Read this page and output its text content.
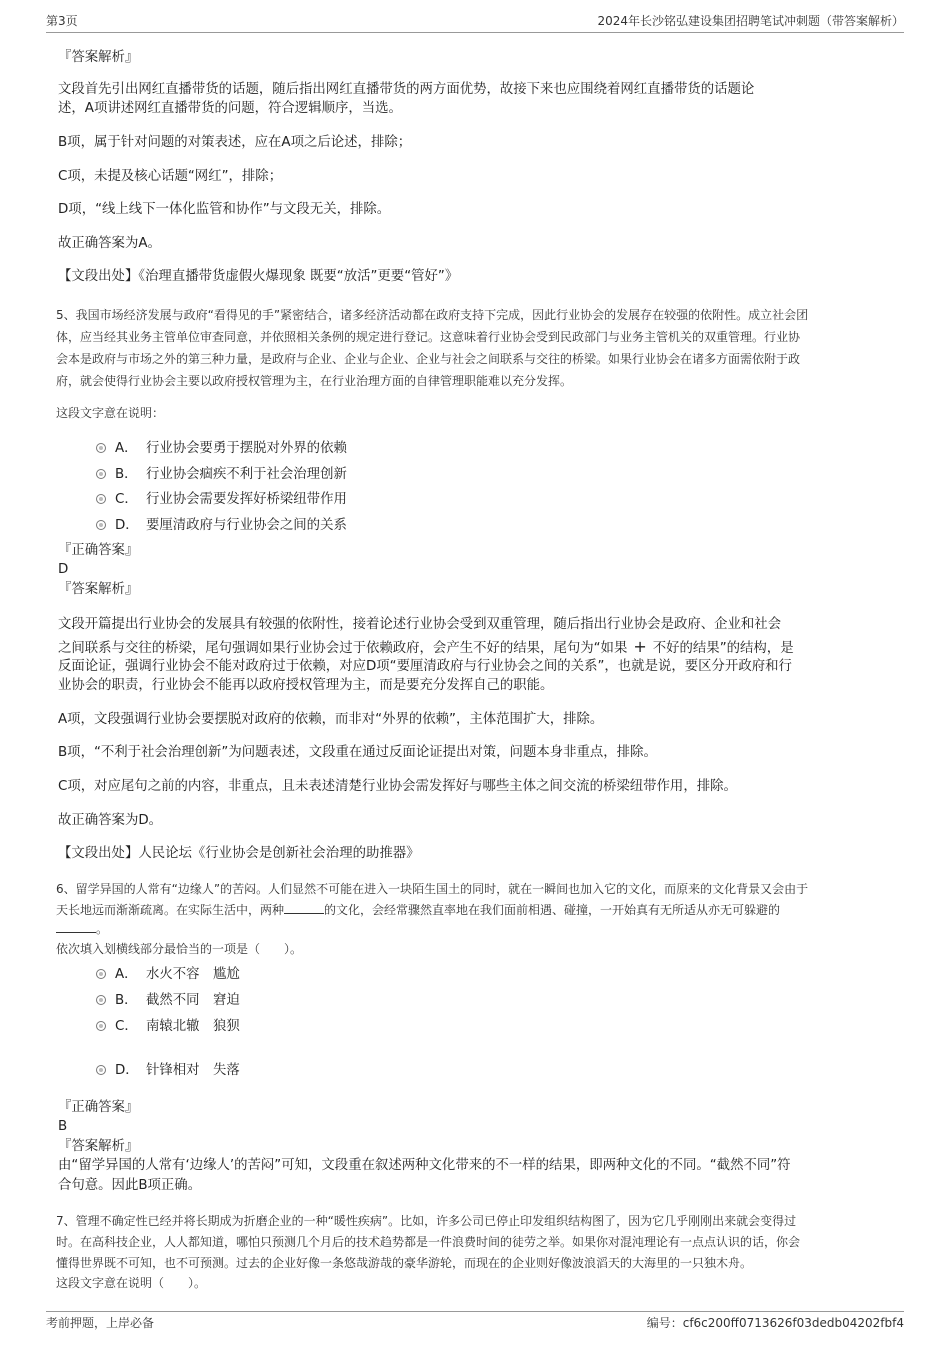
第3页	2024年长沙铭弘建设集团招聘笔试冲刺题（带答案解析）
『答案解析』
文段首先引出网红直播带货的话题，随后指出网红直播带货的两方面优势，故接下来也应围绕着网红直播带货的话题论
述，A项讲述网红直播带货的问题，符合逻辑顺序，当选。
B项，属于针对问题的对策表述，应在A项之后论述，排除；
C项，未提及核心话题“网红”，排除；
D项，“线上线下一体化监管和协作”与文段无关，排除。
故正确答案为A。
【文段出处】《治理直播带货虚假火爆现象 既要“放活”更要“管好”》
5、我国市场经济发展与政府“看得见的手”紧密结合，诸多经济活动都在政府支持下完成，因此行业协会的发展存在较强的依附性。成立社会团
体，应当经其业务主管单位审查同意，并依照相关条例的规定进行登记。这意味着行业协会受到民政部门与业务主管机关的双重管理。行业协
会本是政府与市场之外的第三种力量，是政府与企业、企业与企业、企业与社会之间联系与交往的桥梁。如果行业协会在诸多方面需依附于政
府，就会使得行业协会主要以政府授权管理为主，在行业治理方面的自律管理职能难以充分发挥。
这段文字意在说明：
A． 行业协会要勇于摆脱对外界的依赖
B． 行业协会痼疾不利于社会治理创新
C． 行业协会需要发挥好桥梁纽带作用
D． 要厘清政府与行业协会之间的关系
『正确答案』
D
『答案解析』
文段开篇提出行业协会的发展具有较强的依附性，接着论述行业协会受到双重管理，随后指出行业协会是政府、企业和社会
之间联系与交往的桥梁，尾句强调如果行业协会过于依赖政府，会产生不好的结果，尾句为“如果 + 不好的结果”的结构，是
反面论证，强调行业协会不能对政府过于依赖，对应D项“要厘清政府与行业协会之间的关系”，也就是说，要区分开政府和行
业协会的职责，行业协会不能再以政府授权管理为主，而是要充分发挥自己的职能。
A项，文段强调行业协会要摆脱对政府的依赖，而非对“外界的依赖”，主体范围扩大，排除。
B项，“不利于社会治理创新”为问题表述，文段重在通过反面论证提出对策，问题本身非重点，排除。
C项，对应尾句之前的内容，非重点，且未表述清楚行业协会需发挥好与哪些主体之间交流的桥梁纽带作用，排除。
故正确答案为D。
【文段出处】人民论坛《行业协会是创新社会治理的助推器》
6、留学异国的人常有“边缘人”的苦闷。人们显然不可能在进入一块陌生国土的同时，就在一瞬间也加入它的文化，而原来的文化背景又会由于
天长地远而渐渐疏离。在实际生活中，两种	的文化，会经常骤然直率地在我们面前相遇、碰撞，一开始真有无所适从亦无可躲避的
。
依次填入划横线部分最恰当的一项是（　　）。
A． 水火不容　尴尬
B． 截然不同　窘迫
C． 南辕北辙　狼狈
D． 针锋相对　失落
『正确答案』
B
『答案解析』
由“留学异国的人常有‘边缘人’的苦闷”可知，文段重在叙述两种文化带来的不一样的结果，即两种文化的不同。“截然不同”符
合句意。因此B项正确。
7、管理不确定性已经并将长期成为折磨企业的一种“暖性疾病”。比如，许多公司已停止印发组织结构图了，因为它几乎刚刚出来就会变得过
时。在高科技企业，人人都知道，哪怕只预测几个月后的技术趋势都是一件浪费时间的徒劳之举。如果你对混沌理论有一点点认识的话，你会
懂得世界既不可知，也不可预测。过去的企业好像一条悠哉游哉的豪华游轮，而现在的企业则好像波浪滔天的大海里的一只独木舟。
这段文字意在说明（　　）。
考前押题，上岸必备	编号：cf6c200ff0713626f03dedb04202fbf4
